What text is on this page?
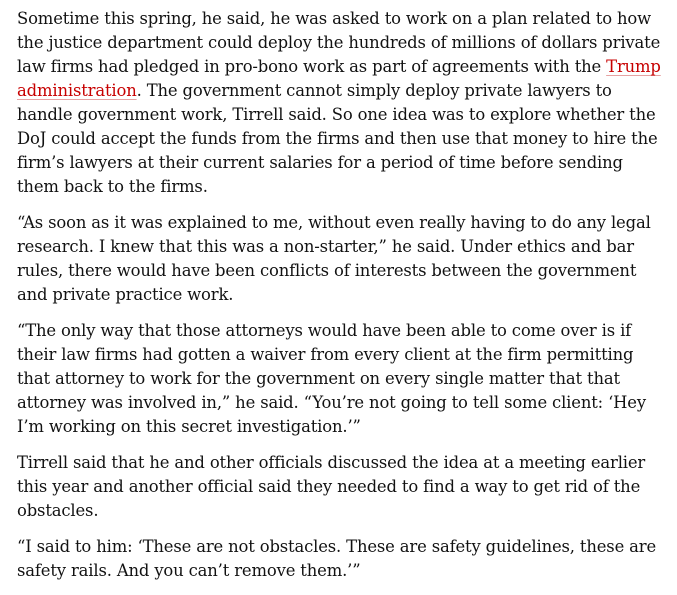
Sometime this spring, he said, he was asked to work on a plan related to how the justice department could deploy the hundreds of millions of dollars private law firms had pledged in pro-bono work as part of agreements with the Trump administration. The government cannot simply deploy private lawyers to handle government work, Tirrell said. So one idea was to explore whether the DoJ could accept the funds from the firms and then use that money to hire the firm’s lawyers at their current salaries for a period of time before sending them back to the firms.

“As soon as it was explained to me, without even really having to do any legal research. I knew that this was a non-starter,” he said. Under ethics and bar rules, there would have been conflicts of interests between the government and private practice work.

“The only way that those attorneys would have been able to come over is if their law firms had gotten a waiver from every client at the firm permitting that attorney to work for the government on every single matter that that attorney was involved in,” he said. “You’re not going to tell some client: ‘Hey I’m working on this secret investigation.’”

Tirrell said that he and other officials discussed the idea at a meeting earlier this year and another official said they needed to find a way to get rid of the obstacles.

“I said to him: ‘These are not obstacles. These are safety guidelines, these are safety rails. And you can’t remove them.’”
